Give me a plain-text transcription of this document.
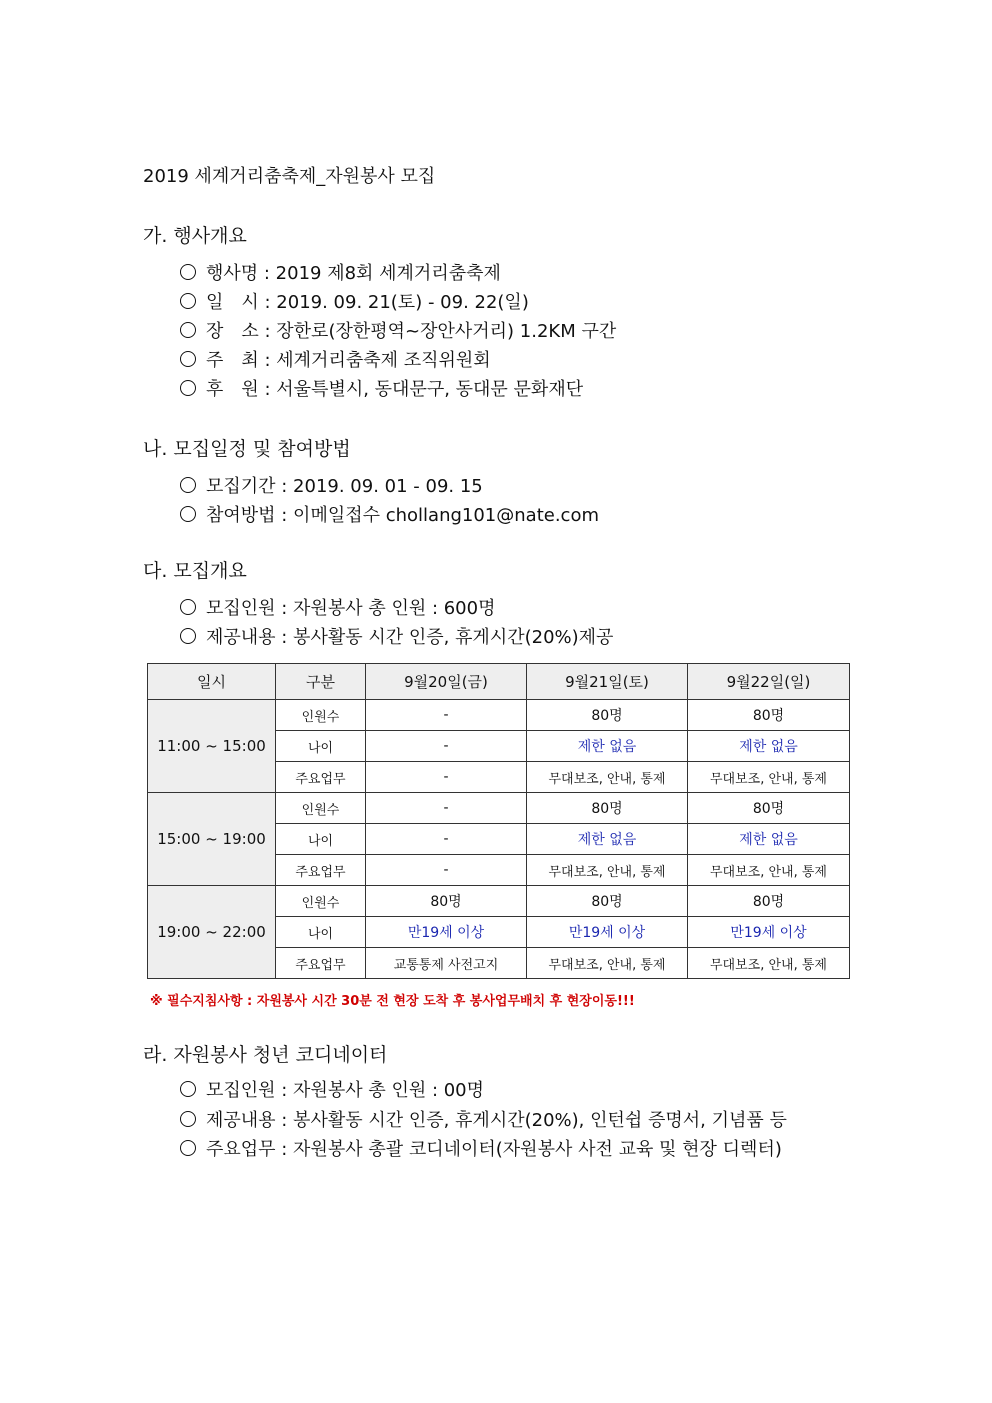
2019 세계거리춤축제_자원봉사 모집
가. 행사개요
행사명 : 2019 제8회 세계거리춤축제
일　시 : 2019. 09. 21(토) - 09. 22(일)
장　소 : 장한로(장한평역~장안사거리) 1.2KM 구간
주　최 : 세계거리춤축제 조직위원회
후　원 : 서울특별시, 동대문구, 동대문 문화재단
나. 모집일정 및 참여방법
모집기간 : 2019. 09. 01 - 09. 15
참여방법 : 이메일접수 chollang101@nate.com
다. 모집개요
모집인원 : 자원봉사 총 인원 : 600명
제공내용 : 봉사활동 시간 인증, 휴게시간(20%)제공
일시	구분	9월20일(금)	9월21일(토)	9월22일(일)
11:00 ~ 15:00	인원수	-	80명	80명
	나이	-	제한 없음	제한 없음
	주요업무	-	무대보조, 안내, 통제	무대보조, 안내, 통제
15:00 ~ 19:00	인원수	-	80명	80명
	나이	-	제한 없음	제한 없음
	주요업무	-	무대보조, 안내, 통제	무대보조, 안내, 통제
19:00 ~ 22:00	인원수	80명	80명	80명
	나이	만19세 이상	만19세 이상	만19세 이상
	주요업무	교통통제 사전고지	무대보조, 안내, 통제	무대보조, 안내, 통제
※ 필수지침사항 : 자원봉사 시간 30분 전 현장 도착 후 봉사업무배치 후 현장이동!!!
라. 자원봉사 청년 코디네이터
모집인원 : 자원봉사 총 인원 : 00명
제공내용 : 봉사활동 시간 인증, 휴게시간(20%), 인턴쉽 증명서, 기념품 등
주요업무 : 자원봉사 총괄 코디네이터(자원봉사 사전 교육 및 현장 디렉터)
